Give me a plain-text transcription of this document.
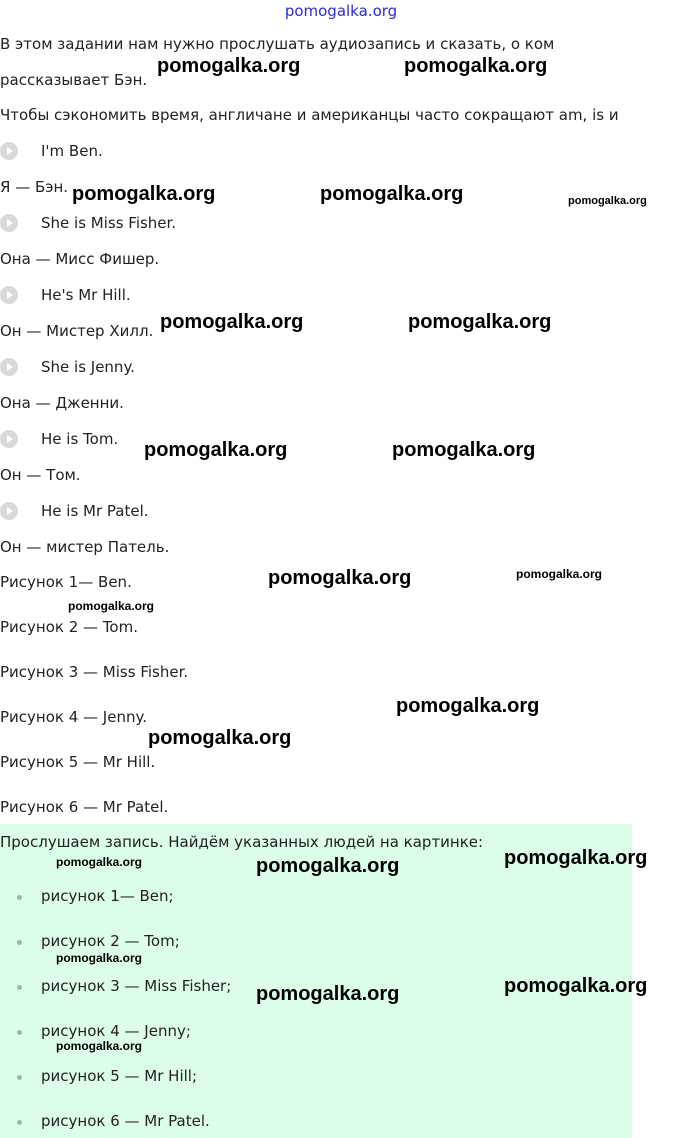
pomogalka.org
В этом задании нам нужно прослушать аудиозапись и сказать, о ком
рассказывает Бэн.
Чтобы сэкономить время, англичане и американцы часто сокращают am, is и
I'm Ben.
Я — Бэн.
She is Miss Fisher.
Она — Мисс Фишер.
He's Mr Hill.
Он — Мистер Хилл.
She is Jenny.
Она — Дженни.
He is Tom.
Он — Том.
He is Mr Patel.
Он — мистер Патель.
Рисунок 1— Ben.
Рисунок 2 — Tom.
Рисунок 3 — Miss Fisher.
Рисунок 4 — Jenny.
Рисунок 5 — Mr Hill.
Рисунок 6 — Mr Patel.
Прослушаем запись. Найдём указанных людей на картинке:
рисунок 1— Ben;
рисунок 2 — Tom;
рисунок 3 — Miss Fisher;
рисунок 4 — Jenny;
рисунок 5 — Mr Hill;
рисунок 6 — Mr Patel.
pomogalka.org	pomogalka.org
pomogalka.org	pomogalka.org	pomogalka.org
pomogalka.org	pomogalka.org
pomogalka.org	pomogalka.org
pomogalka.org	pomogalka.org
pomogalka.org
pomogalka.org
pomogalka.org
pomogalka.org
pomogalka.org	pomogalka.org
pomogalka.org
pomogalka.org	pomogalka.org
pomogalka.org
